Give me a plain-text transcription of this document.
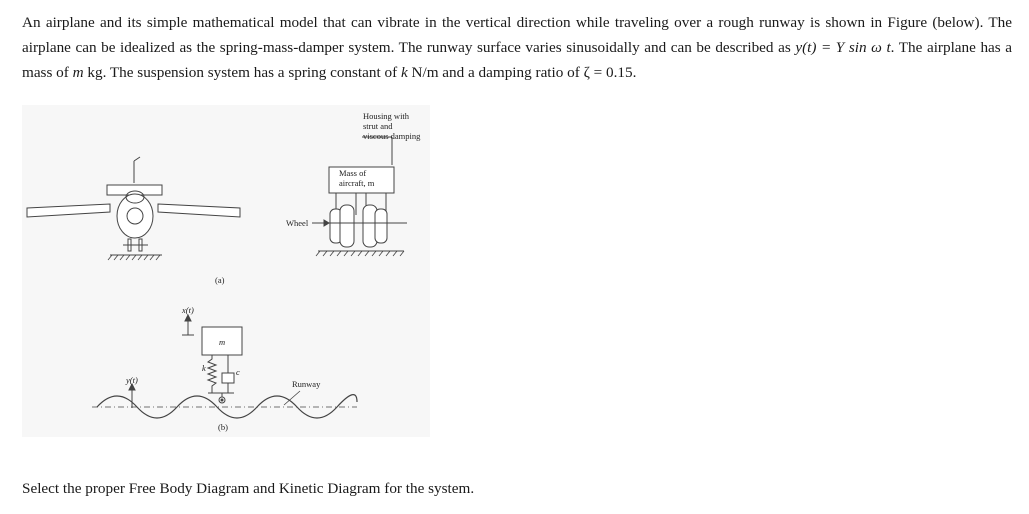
An airplane and its simple mathematical model that can vibrate in the vertical direction while traveling over a rough runway is shown in Figure (below). The airplane can be idealized as the spring-mass-damper system. The runway surface varies sinusoidally and can be described as y(t) = Y sin ω t. The airplane has a mass of m kg. The suspension system has a spring constant of k N/m and a damping ratio of ζ = 0.15.

Housing with
strut and
viscous damping
Mass of
aircraft, m
Wheel
(a)
x(t)
m
k	c
y(t)	Runway
(b)
Select the proper Free Body Diagram and Kinetic Diagram for the system.
